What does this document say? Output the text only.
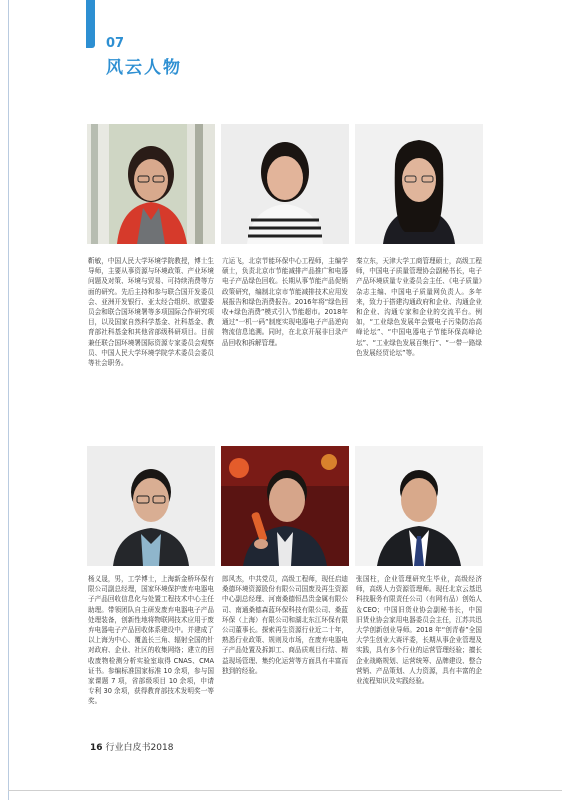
07
风云人物
靳敏，中国人民大学环境学院教授，博士生导师，主要从事资源与环境政策、产业环境问题及对策、环境与贸易、可持续消费等方面的研究。先后主持和参与联合国开发委员会、亚洲开发银行、亚太经合组织、欧盟委员会和联合国环境署等多项国际合作研究项目，以及国家自然科学基金、社科基金、教育部社科基金和其他省部级科研项目。目前兼任联合国环境署国际资源专家委员会观察员、中国人民大学环境学院学术委员会委员等社会职务。
亢运飞，北京节能环保中心工程师，主编学硕士，负责北京市节能减排产品推广和电器电子产品绿色回收。长期从事节能产品促销政策研究，编制北京市节能减排技术应用发展报告和绿色消费报告。2016年将“绿色回收+绿色消费”模式引入节能超市。2018年通过“一机一码”制度实现电器电子产品逆向物流信息追溯。同时，在北京开展非目录产品回收和拆解管理。
秦立东，天津大学工商管理硕士，高级工程师，中国电子质量管理协会副秘书长，电子产品环境质量专业委员会主任、《电子质量》杂志主编、中国电子质量网负责人。多年来，致力于搭建沟通政府和企业、沟通企业和企业、沟通专家和企业的交流平台。例如，“工业绿色发展年会暨电子污染防治高峰论坛”、“中国电器电子节能环保高峰论坛”、“工业绿色发展百集行”、“一带一路绿色发展经贸论坛”等。
杨义晟，男，工学博士，上海新金桥环保有限公司副总经理，国家环境保护废弃电器电子产品回收信息化与处置工程技术中心主任助理。带领团队自主研发废弃电器电子产品处理装备，创新性地将物联网技术应用于废弃电器电子产品回收体系建设中。并建成了以上海为中心、覆盖长三角、辐射全国的针对政府、企业、社区的收集网络；建立的回收废物检测分析实验室取得 CNAS、CMA 证书。参编标准国家标准 10 余项，参与国家课题 7 项，省部级项目 10 余项，申请专利 30 余项，获得教育部技术发明奖一等奖。
郎风杰，中共党员，高级工程师，现任启迪桑德环境资源股份有限公司国废及再生资源中心副总经理、河南桑德恒昌贵金属有限公司、南通桑德森蓝环保科技有限公司、桑蓝环保（上海）有限公司和湖北东江环保有限公司董事长。探索再生资源行业近二十年，熟悉行业政策、规则及市场，在废弃电器电子产品处置及拆卸工、商品质观目行结、精益现场管理、集约化运营等方面具有丰富而独到的经验。
张国柱，企业管理研究生毕业，高级经济师，高级人力资源管理师。现任北京云基迅科技服务有限责任公司（有网有品）创始人＆CEO；中国旧货业协会副秘书长，中国旧货业协会家用电器委员会主任，江苏共迅大学创新创业导师。2018 年“创青春”全国大学生创业大赛评委，长期从事企业管理及实践，具有多个行业的运营管理经验；擅长企业战略规划、运营统筹、品牌建设、整合营销、产品策划、人力资源，具有丰富的企业流程知识及实践经验。
16 行业白皮书2018
